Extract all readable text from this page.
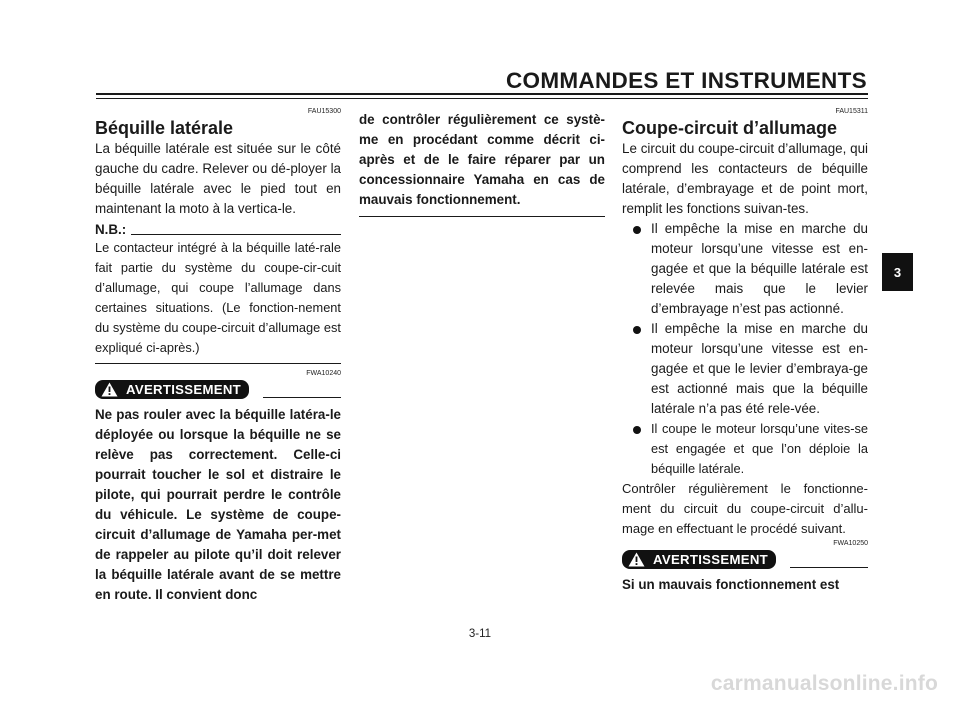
COMMANDES ET INSTRUMENTS
3
FAU15300
Béquille latérale

La béquille latérale est située sur le côté gauche du cadre. Relever ou dé-ployer la béquille latérale avec le pied tout en maintenant la moto à la vertica-le.

N.B.:

Le contacteur intégré à la béquille laté-rale fait partie du système du coupe-cir-cuit d’allumage, qui coupe l’allumage dans certaines situations. (Le fonction-nement du système du coupe-circuit d’allumage est expliqué ci-après.)

FWA10240
AVERTISSEMENT

Ne pas rouler avec la béquille latéra-le déployée ou lorsque la béquille ne se relève pas correctement. Celle-ci pourrait toucher le sol et distraire le pilote, qui pourrait perdre le contrôle du véhicule. Le système de coupe-circuit d’allumage de Yamaha per-met de rappeler au pilote qu’il doit relever la béquille latérale avant de se mettre en route. Il convient donc

de contrôler régulièrement ce systè-me en procédant comme décrit ci-après et de le faire réparer par un concessionnaire Yamaha en cas de mauvais fonctionnement.

FAU15311
Coupe-circuit d’allumage

Le circuit du coupe-circuit d’allumage, qui comprend les contacteurs de béquille latérale, d’embrayage et de point mort, remplit les fonctions suivan-tes.

Il empêche la mise en marche du moteur lorsqu’une vitesse est en-gagée et que la béquille latérale est relevée mais que le levier d’embrayage n’est pas actionné.
Il empêche la mise en marche du moteur lorsqu’une vitesse est en-gagée et que le levier d’embraya-ge est actionné mais que la béquille latérale n’a pas été rele-vée.
Il coupe le moteur lorsqu’une vites-se est engagée et que l’on déploie la béquille latérale.

Contrôler régulièrement le fonctionne-ment du circuit du coupe-circuit d’allu-mage en effectuant le procédé suivant.

FWA10250
AVERTISSEMENT

Si un mauvais fonctionnement est

3-11
carmanualsonline.info
